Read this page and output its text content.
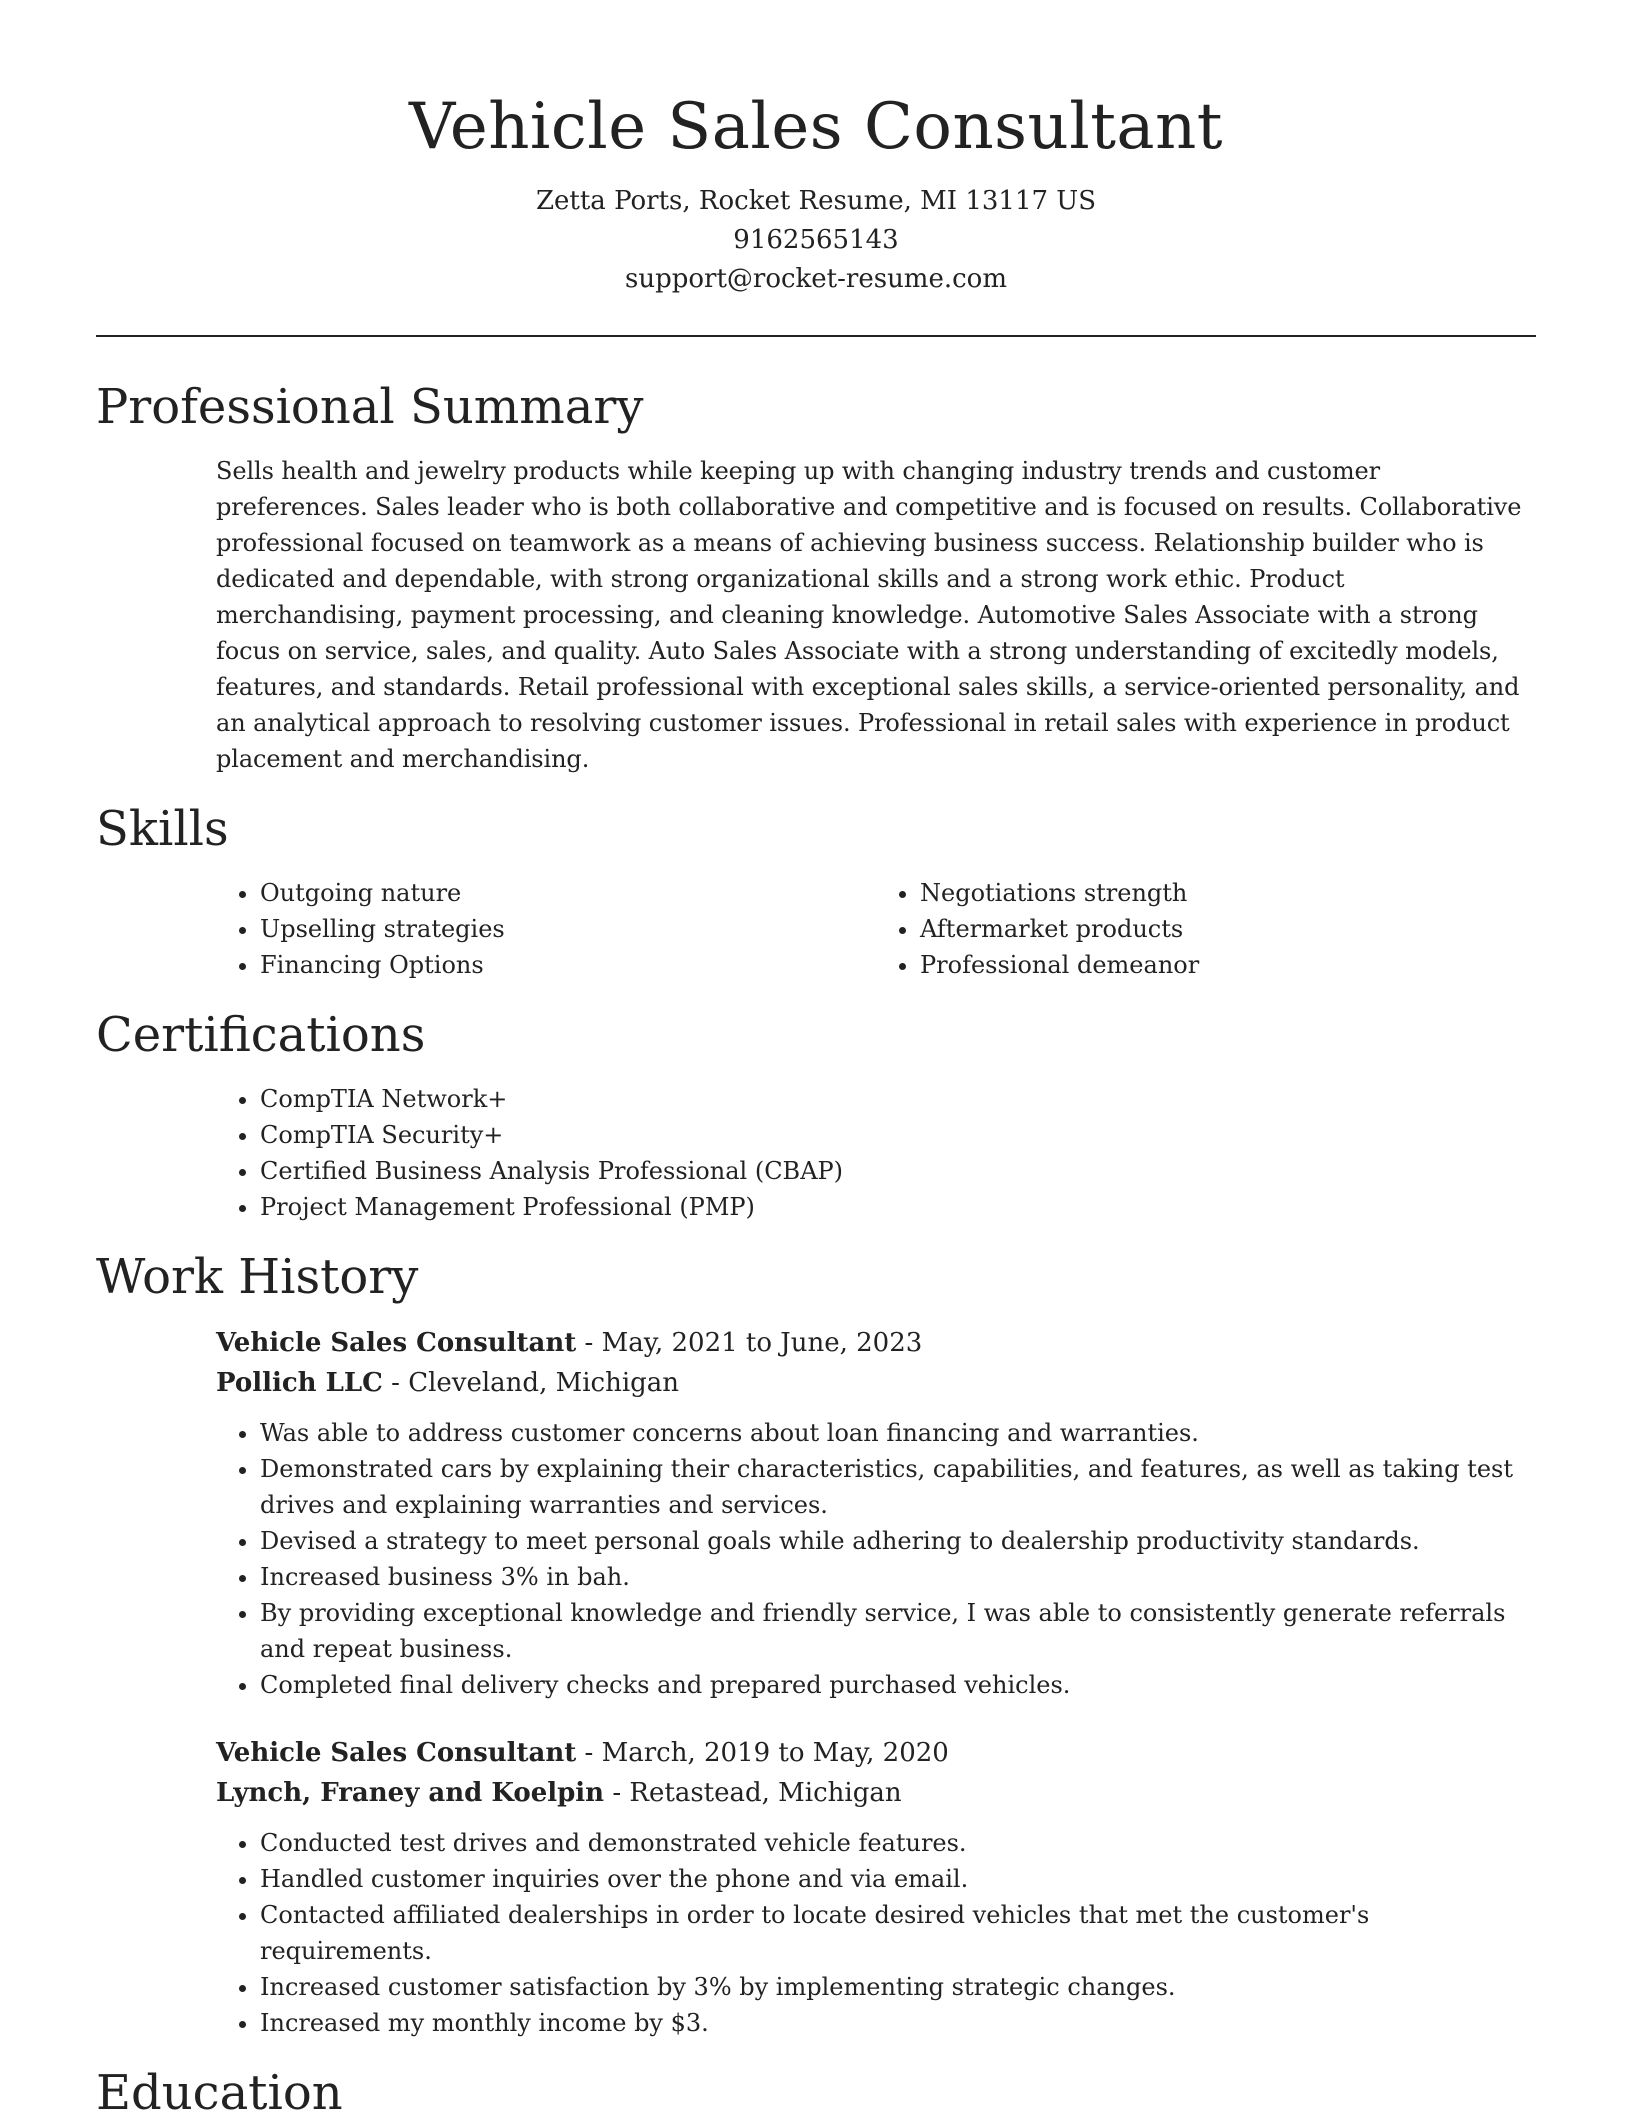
Vehicle Sales Consultant
Zetta Ports, Rocket Resume, MI 13117 US
9162565143
support@rocket-resume.com
Professional Summary

Sells health and jewelry products while keeping up with changing industry trends and customer preferences. Sales leader who is both collaborative and competitive and is focused on results. Collaborative professional focused on teamwork as a means of achieving business success. Relationship builder who is dedicated and dependable, with strong organizational skills and a strong work ethic. Product merchandising, payment processing, and cleaning knowledge. Automotive Sales Associate with a strong focus on service, sales, and quality. Auto Sales Associate with a strong understanding of excitedly models, features, and standards. Retail professional with exceptional sales skills, a service-oriented personality, and an analytical approach to resolving customer issues. Professional in retail sales with experience in product placement and merchandising.

Skills
• Outgoing nature
• Upselling strategies
• Financing Options
• Negotiations strength
• Aftermarket products
• Professional demeanor
Certifications
• CompTIA Network+
• CompTIA Security+
• Certified Business Analysis Professional (CBAP)
• Project Management Professional (PMP)
Work History
Vehicle Sales Consultant - May, 2021 to June, 2023
Pollich LLC - Cleveland, Michigan
• Was able to address customer concerns about loan financing and warranties.
• Demonstrated cars by explaining their characteristics, capabilities, and features, as well as taking test drives and explaining warranties and services.
• Devised a strategy to meet personal goals while adhering to dealership productivity standards.
• Increased business 3% in bah.
• By providing exceptional knowledge and friendly service, I was able to consistently generate referrals and repeat business.
• Completed final delivery checks and prepared purchased vehicles.
Vehicle Sales Consultant - March, 2019 to May, 2020
Lynch, Franey and Koelpin - Retastead, Michigan
• Conducted test drives and demonstrated vehicle features.
• Handled customer inquiries over the phone and via email.
• Contacted affiliated dealerships in order to locate desired vehicles that met the customer's requirements.
• Increased customer satisfaction by 3% by implementing strategic changes.
• Increased my monthly income by $3.
Education
